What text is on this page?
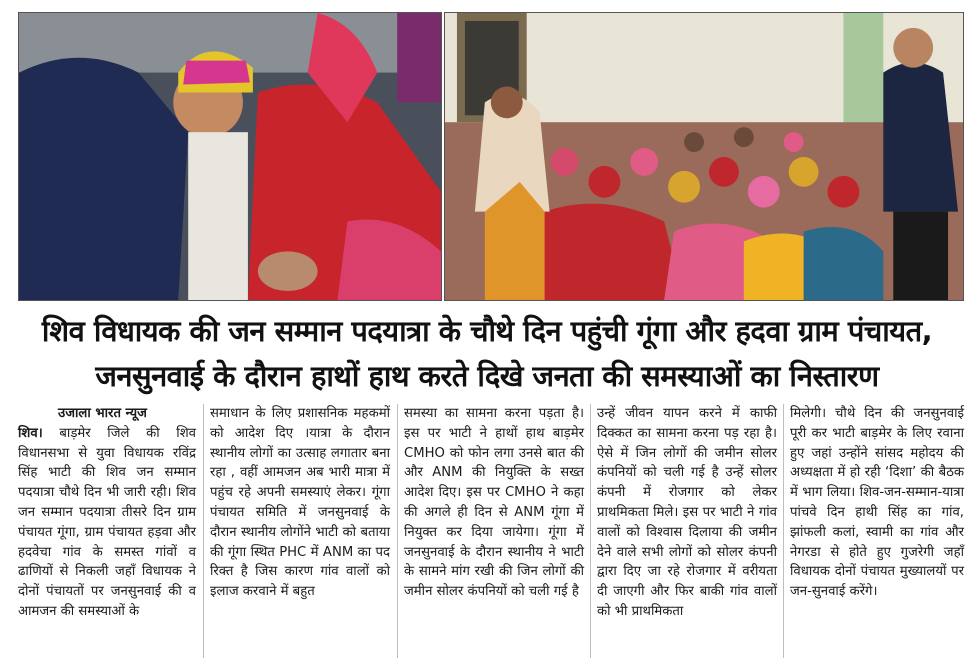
शिव विधायक की जन सम्मान पदयात्रा के चौथे दिन पहुंची गूंगा और हदवा ग्राम पंचायत,
जनसुनवाई के दौरान हाथों हाथ करते दिखे जनता की समस्याओं का निस्तारण
उजाला भारत न्यूज
शिव। बाड़मेर जिले की शिव विधानसभा से युवा विधायक रविंद्र सिंह भाटी की शिव जन सम्मान पदयात्रा चौथे दिन भी जारी रही। शिव जन सम्मान पदयात्रा तीसरे दिन ग्राम पंचायत गूंगा, ग्राम पंचायत हड़वा और हदवेचा गांव के समस्त गांवों व ढाणियों से निकली जहाँ विधायक ने दोनों पंचायतों पर जनसुनवाई की व आमजन की समस्याओं के
समाधान के लिए प्रशासनिक महकमों को आदेश दिए ।यात्रा के दौरान स्थानीय लोगों का उत्साह लगातार बना रहा , वहीं आमजन अब भारी मात्रा में पहुंच रहे अपनी समस्याएं लेकर। गूंगा पंचायत समिति में जनसुनवाई के दौरान स्थानीय लोगोंने भाटी को बताया की गूंगा स्थित PHC में ANM का पद रिक्त है जिस कारण गांव वालों को इलाज करवाने में बहुत
समस्या का सामना करना पड़ता है। इस पर भाटी ने हाथों हाथ बाड़मेर CMHO को फोन लगा उनसे बात की और ANM की नियुक्ति के सख्त आदेश दिए। इस पर CMHO ने कहा की अगले ही दिन से ANM गूंगा में नियुक्त कर दिया जायेगा। गूंगा में जनसुनवाई के दौरान स्थानीय ने भाटी के सामने मांग रखी की जिन लोगों की जमीन सोलर कंपनियों को चली गई है
उन्हें जीवन यापन करने में काफी दिक्कत का सामना करना पड़ रहा है। ऐसे में जिन लोगों की जमीन सोलर कंपनियों को चली गई है उन्हें सोलर कंपनी में रोजगार को लेकर प्राथमिकता मिले। इस पर भाटी ने गांव वालों को विश्वास दिलाया की जमीन देने वाले सभी लोगों को सोलर कंपनी द्वारा दिए जा रहे रोजगार में वरीयता दी जाएगी और फिर बाकी गांव वालों को भी प्राथमिकता
मिलेगी। चौथे दिन की जनसुनवाई पूरी कर भाटी बाड़मेर के लिए रवाना हुए जहां उन्होंने सांसद महोदय की अध्यक्षता में हो रही ‘दिशा’ की बैठक में भाग लिया। शिव-जन-सम्मान-यात्रा पांचवे दिन हाथी सिंह का गांव, झांफली कलां, स्वामी का गांव और नेगरडा से होते हुए गुजरेगी जहाँ विधायक दोनों पंचायत मुख्यालयों पर जन-सुनवाई करेंगे।
